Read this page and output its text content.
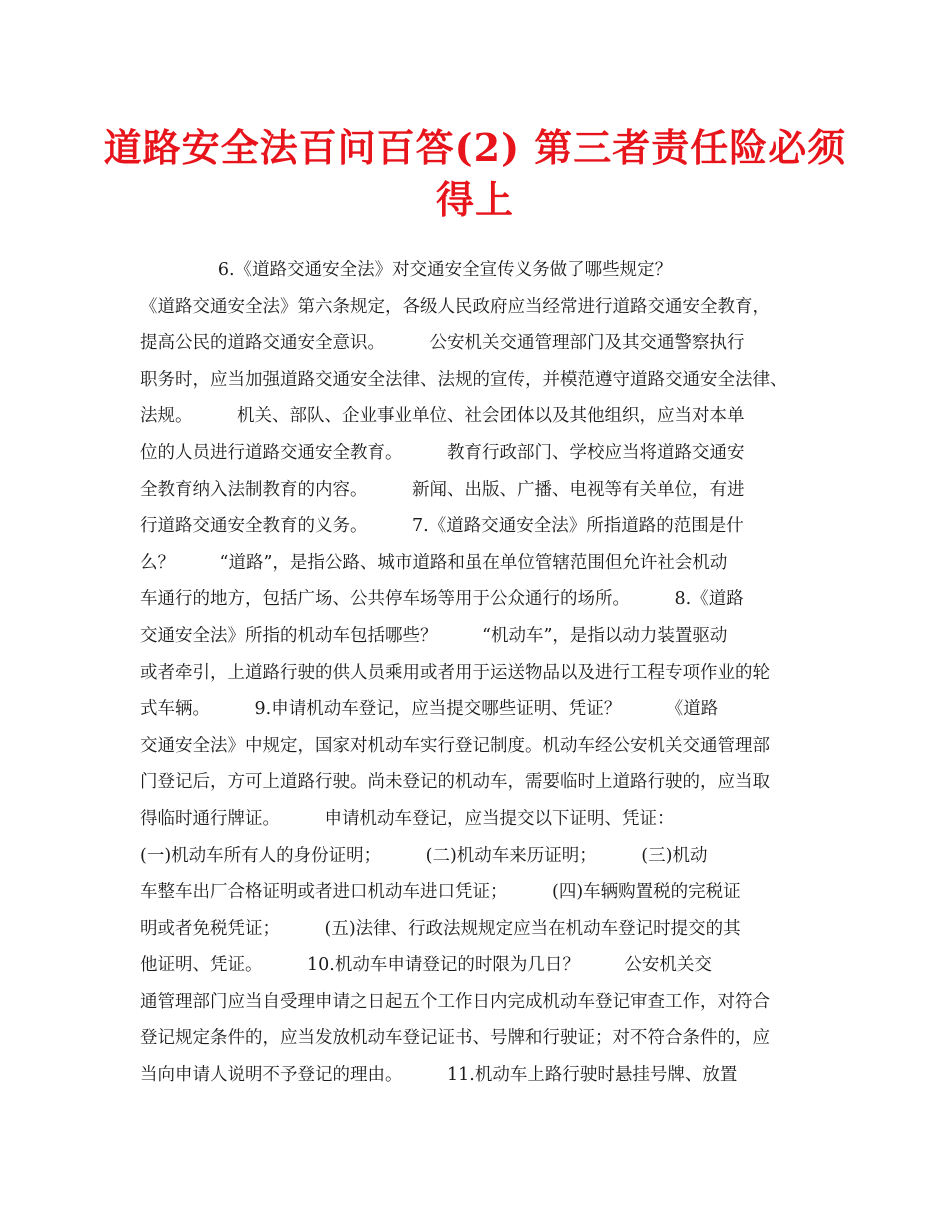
道路安全法百问百答(2) 第三者责任险必须
得上
6.《道路交通安全法》对交通安全宣传义务做了哪些规定？
《道路交通安全法》第六条规定，各级人民政府应当经常进行道路交通安全教育，
提高公民的道路交通安全意识。        公安机关交通管理部门及其交通警察执行
职务时，应当加强道路交通安全法律、法规的宣传，并模范遵守道路交通安全法律、
法规。        机关、部队、企业事业单位、社会团体以及其他组织，应当对本单
位的人员进行道路交通安全教育。        教育行政部门、学校应当将道路交通安
全教育纳入法制教育的内容。        新闻、出版、广播、电视等有关单位，有进
行道路交通安全教育的义务。        7.《道路交通安全法》所指道路的范围是什
么？        “道路”，是指公路、城市道路和虽在单位管辖范围但允许社会机动
车通行的地方，包括广场、公共停车场等用于公众通行的场所。        8.《道路
交通安全法》所指的机动车包括哪些？        “机动车”，是指以动力装置驱动
或者牵引，上道路行驶的供人员乘用或者用于运送物品以及进行工程专项作业的轮
式车辆。        9.申请机动车登记，应当提交哪些证明、凭证？        《道路
交通安全法》中规定，国家对机动车实行登记制度。机动车经公安机关交通管理部
门登记后，方可上道路行驶。尚未登记的机动车，需要临时上道路行驶的，应当取
得临时通行牌证。        申请机动车登记，应当提交以下证明、凭证：
(一)机动车所有人的身份证明；        (二)机动车来历证明；        (三)机动
车整车出厂合格证明或者进口机动车进口凭证；        (四)车辆购置税的完税证
明或者免税凭证；        (五)法律、行政法规规定应当在机动车登记时提交的其
他证明、凭证。        10.机动车申请登记的时限为几日？        公安机关交
通管理部门应当自受理申请之日起五个工作日内完成机动车登记审查工作，对符合
登记规定条件的，应当发放机动车登记证书、号牌和行驶证；对不符合条件的，应
当向申请人说明不予登记的理由。        11.机动车上路行驶时悬挂号牌、放置
